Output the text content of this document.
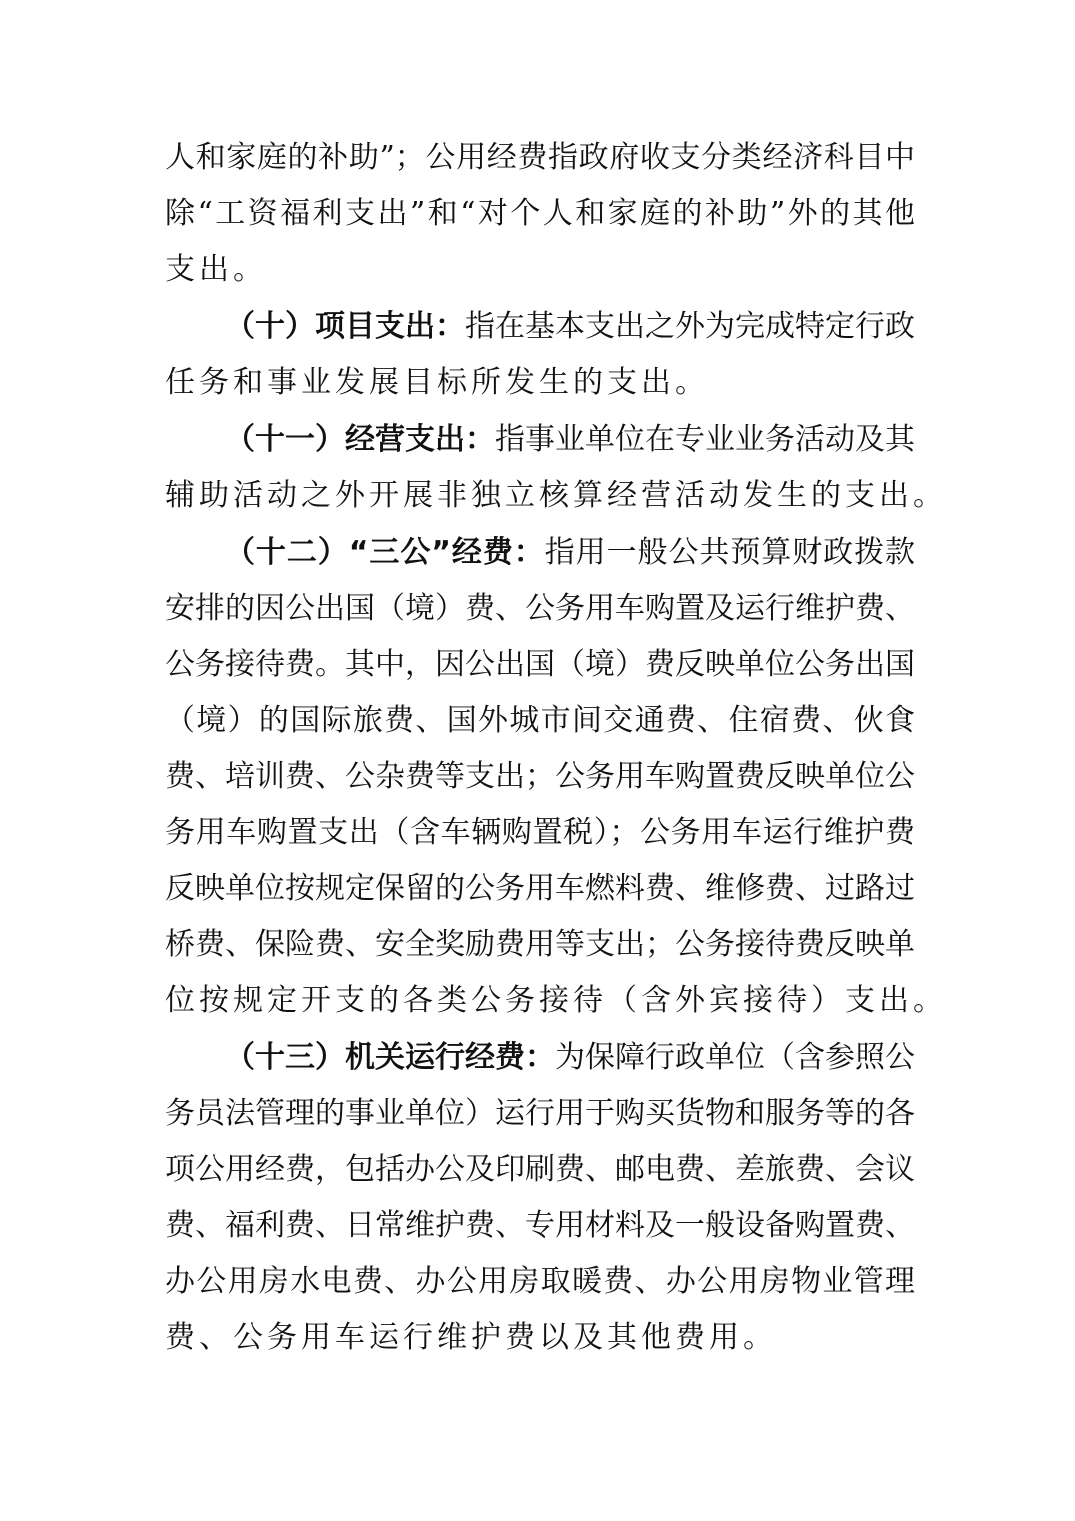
人和家庭的补助”；公用经费指政府收支分类经济科目中
除“工资福利支出”和“对个人和家庭的补助”外的其他
支出。
（十）项目支出：指在基本支出之外为完成特定行政
任务和事业发展目标所发生的支出。
（十一）经营支出：指事业单位在专业业务活动及其
辅助活动之外开展非独立核算经营活动发生的支出。
（十二）“三公”经费：指用一般公共预算财政拨款
安排的因公出国（境）费、公务用车购置及运行维护费、
公务接待费。其中，因公出国（境）费反映单位公务出国
（境）的国际旅费、国外城市间交通费、住宿费、伙食
费、培训费、公杂费等支出；公务用车购置费反映单位公
务用车购置支出（含车辆购置税）；公务用车运行维护费
反映单位按规定保留的公务用车燃料费、维修费、过路过
桥费、保险费、安全奖励费用等支出；公务接待费反映单
位按规定开支的各类公务接待（含外宾接待）支出。
（十三）机关运行经费：为保障行政单位（含参照公
务员法管理的事业单位）运行用于购买货物和服务等的各
项公用经费，包括办公及印刷费、邮电费、差旅费、会议
费、福利费、日常维护费、专用材料及一般设备购置费、
办公用房水电费、办公用房取暖费、办公用房物业管理
费、公务用车运行维护费以及其他费用。
